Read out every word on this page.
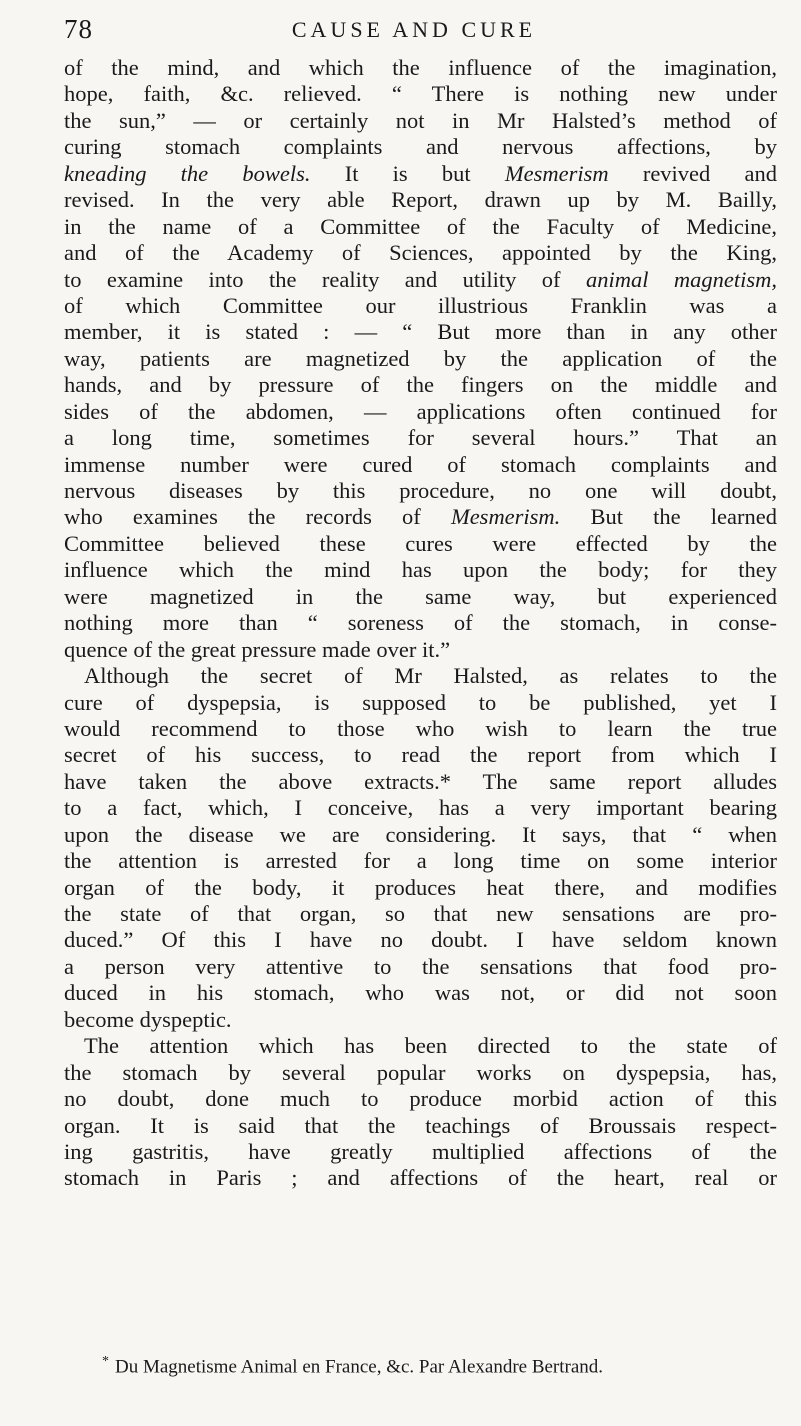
78	CAUSE AND CURE
of the mind, and which the influence of the imagination,
hope, faith, &c. relieved. “ There is nothing new under
the sun,” — or certainly not in Mr Halsted’s method of
curing stomach complaints and nervous affections, by
kneading the bowels. It is but Mesmerism revived and
revised. In the very able Report, drawn up by M. Bailly,
in the name of a Committee of the Faculty of Medicine,
and of the Academy of Sciences, appointed by the King,
to examine into the reality and utility of animal magnetism,
of which Committee our illustrious Franklin was a
member, it is stated : — “ But more than in any other
way, patients are magnetized by the application of the
hands, and by pressure of the fingers on the middle and
sides of the abdomen, — applications often continued for
a long time, sometimes for several hours.” That an
immense number were cured of stomach complaints and
nervous diseases by this procedure, no one will doubt,
who examines the records of Mesmerism. But the learned
Committee believed these cures were effected by the
influence which the mind has upon the body; for they
were magnetized in the same way, but experienced
nothing more than “ soreness of the stomach, in conse-
quence of the great pressure made over it.”
Although the secret of Mr Halsted, as relates to the
cure of dyspepsia, is supposed to be published, yet I
would recommend to those who wish to learn the true
secret of his success, to read the report from which I
have taken the above extracts.* The same report alludes
to a fact, which, I conceive, has a very important bearing
upon the disease we are considering. It says, that “ when
the attention is arrested for a long time on some interior
organ of the body, it produces heat there, and modifies
the state of that organ, so that new sensations are pro-
duced.” Of this I have no doubt. I have seldom known
a person very attentive to the sensations that food pro-
duced in his stomach, who was not, or did not soon
become dyspeptic.
The attention which has been directed to the state of
the stomach by several popular works on dyspepsia, has,
no doubt, done much to produce morbid action of this
organ. It is said that the teachings of Broussais respect-
ing gastritis, have greatly multiplied affections of the
stomach in Paris ; and affections of the heart, real or
* Du Magnetisme Animal en France, &c. Par Alexandre Bertrand.
